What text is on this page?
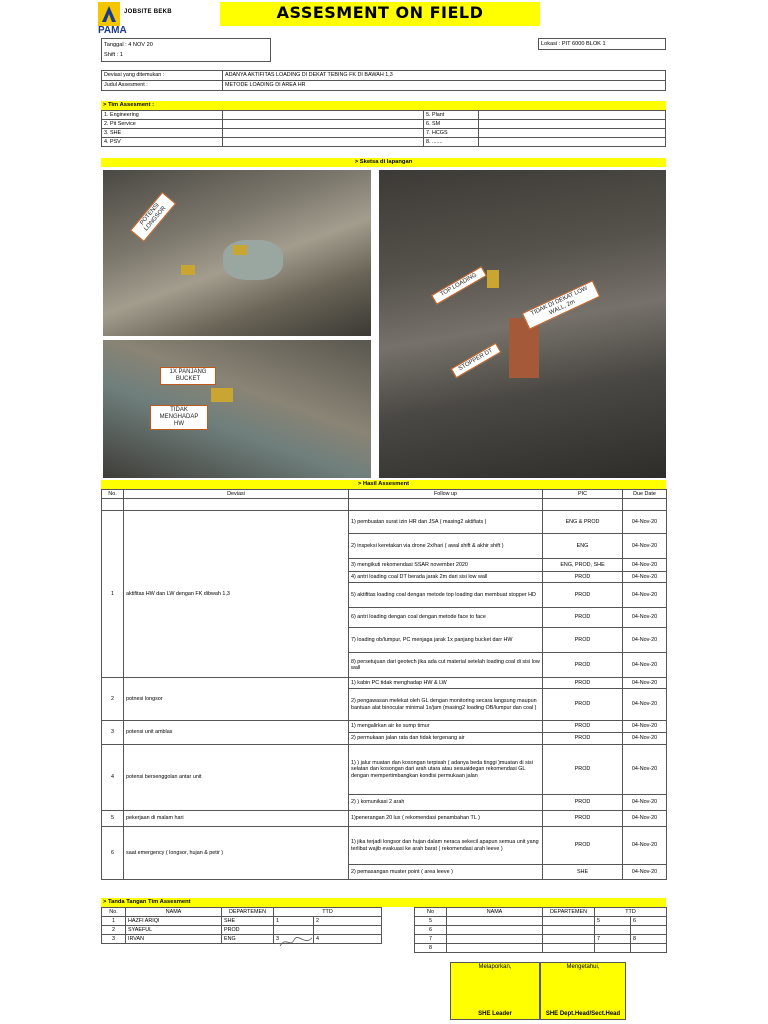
PAMA
JOBSITE BEKB	ASSESMENT ON FIELD
Tanggal : 4 NOV 20
Shift : 1
Lokasi : PIT 6000 BLOK 1
Deviasi yang ditemukan :	ADANYA AKTIFITAS LOADING DI DEKAT TEBING FK DI BAWAH 1,3
Judul Assesment :	METODE LOADING DI AREA HR
> Tim Assesment :
1. Engineering		5. Plant	
2. Pit Service		6. SM	
3. SHE		7. HCGS	
4. PSV		8. .......	
> Sketsa di lapangan
POTENSI LONGSOR
1X PANJANG BUCKET
TIDAK MENGHADAP HW
TOP LOADING
TIDAK DI DEKAT LOW WALL, 2m
STOPPER DT
> Hasil Assesment
No.	Deviasi	Follow up	PIC	Due Date

1	aktifitas HW dan LW dengan FK dibwah 1,3	1) pembuatan surat izin HR dan JSA ( masing2 aktifiats )	ENG & PROD	04-Nov-20
		2) inspeksi keretakan via drone 2x/hari ( awal shift & akhir shift )	ENG	04-Nov-20
		3) mengikuti rekomendasi SSAR november 2020	ENG, PROD, SHE	04-Nov-20
		4) antri loading coal DT berada jarak 2m dari sisi low wall	PROD	04-Nov-20
		5) aktifitas loading coal dengan metode top loading dan membuat stopper HD	PROD	04-Nov-20
		6) antri loading dengan coal dengan metode face to face	PROD	04-Nov-20
		7) loading ob/lumpur, PC menjaga jarak 1x panjang bucket darr HW	PROD	04-Nov-20
		8) persetujuan dari geotech jika ada cut material setelah loading coal di sisi low wall	PROD	04-Nov-20
2	potnesi longsor	1) kabin PC tidak menghadap HW & LW	PROD	04-Nov-20
		2) pengawasan melekat oleh GL dengan monitoring secara langsung maupun bantuan alat binocular minimal 1x/jam (masing2 loading OB/lumpur dan coal )	PROD	04-Nov-20
3	potensi unit amblas	1) mengalirkan air ke sump timur	PROD	04-Nov-20
		2) permukaan jalan rata dan tidak tergenang air	PROD	04-Nov-20
4	potensi bersenggolan antar unit	1) ) jalur muatan dan kosongan terpisah ( adanya beda tinggi )muatan di sisi selatan dan kosongan dari arah utara atau sesuaidegan rekomendasi GL dengan mempertimbangkan kondisi permukaan jalan	PROD	04-Nov-20
		2) ) komunikasi 2 arah	PROD	04-Nov-20
5	pekerjaan di malam hari	1)penerangan 20 lux ( rekomendasi penambahan TL )	PROD	04-Nov-20
6	saat emergency ( longsor, hujan & petir )	1) jika terjadi longsor dan hujan dalam neraca sekecil apapun semua unit yang terlibat wajib evakuasi ke arah barat ( rekomendasi arah leeve )	PROD	04-Nov-20
		2) pemasangan muster point ( area leeve )	SHE	04-Nov-20
> Tanda Tangan Tim Assesment
No.	NAMA	DEPARTEMEN	TTD	
1	HAZFI ARIQI	SHE	1	2
2	SYAEFUL	PROD		
3	IRVAN	ENG	3	4
No	NAMA	DEPARTEMEN	TTD	
5			5	6
6				
7			7	8
8				
Melaporkan,	Mengetahui,
SHE Leader	SHE Dept.Head/Sect.Head
